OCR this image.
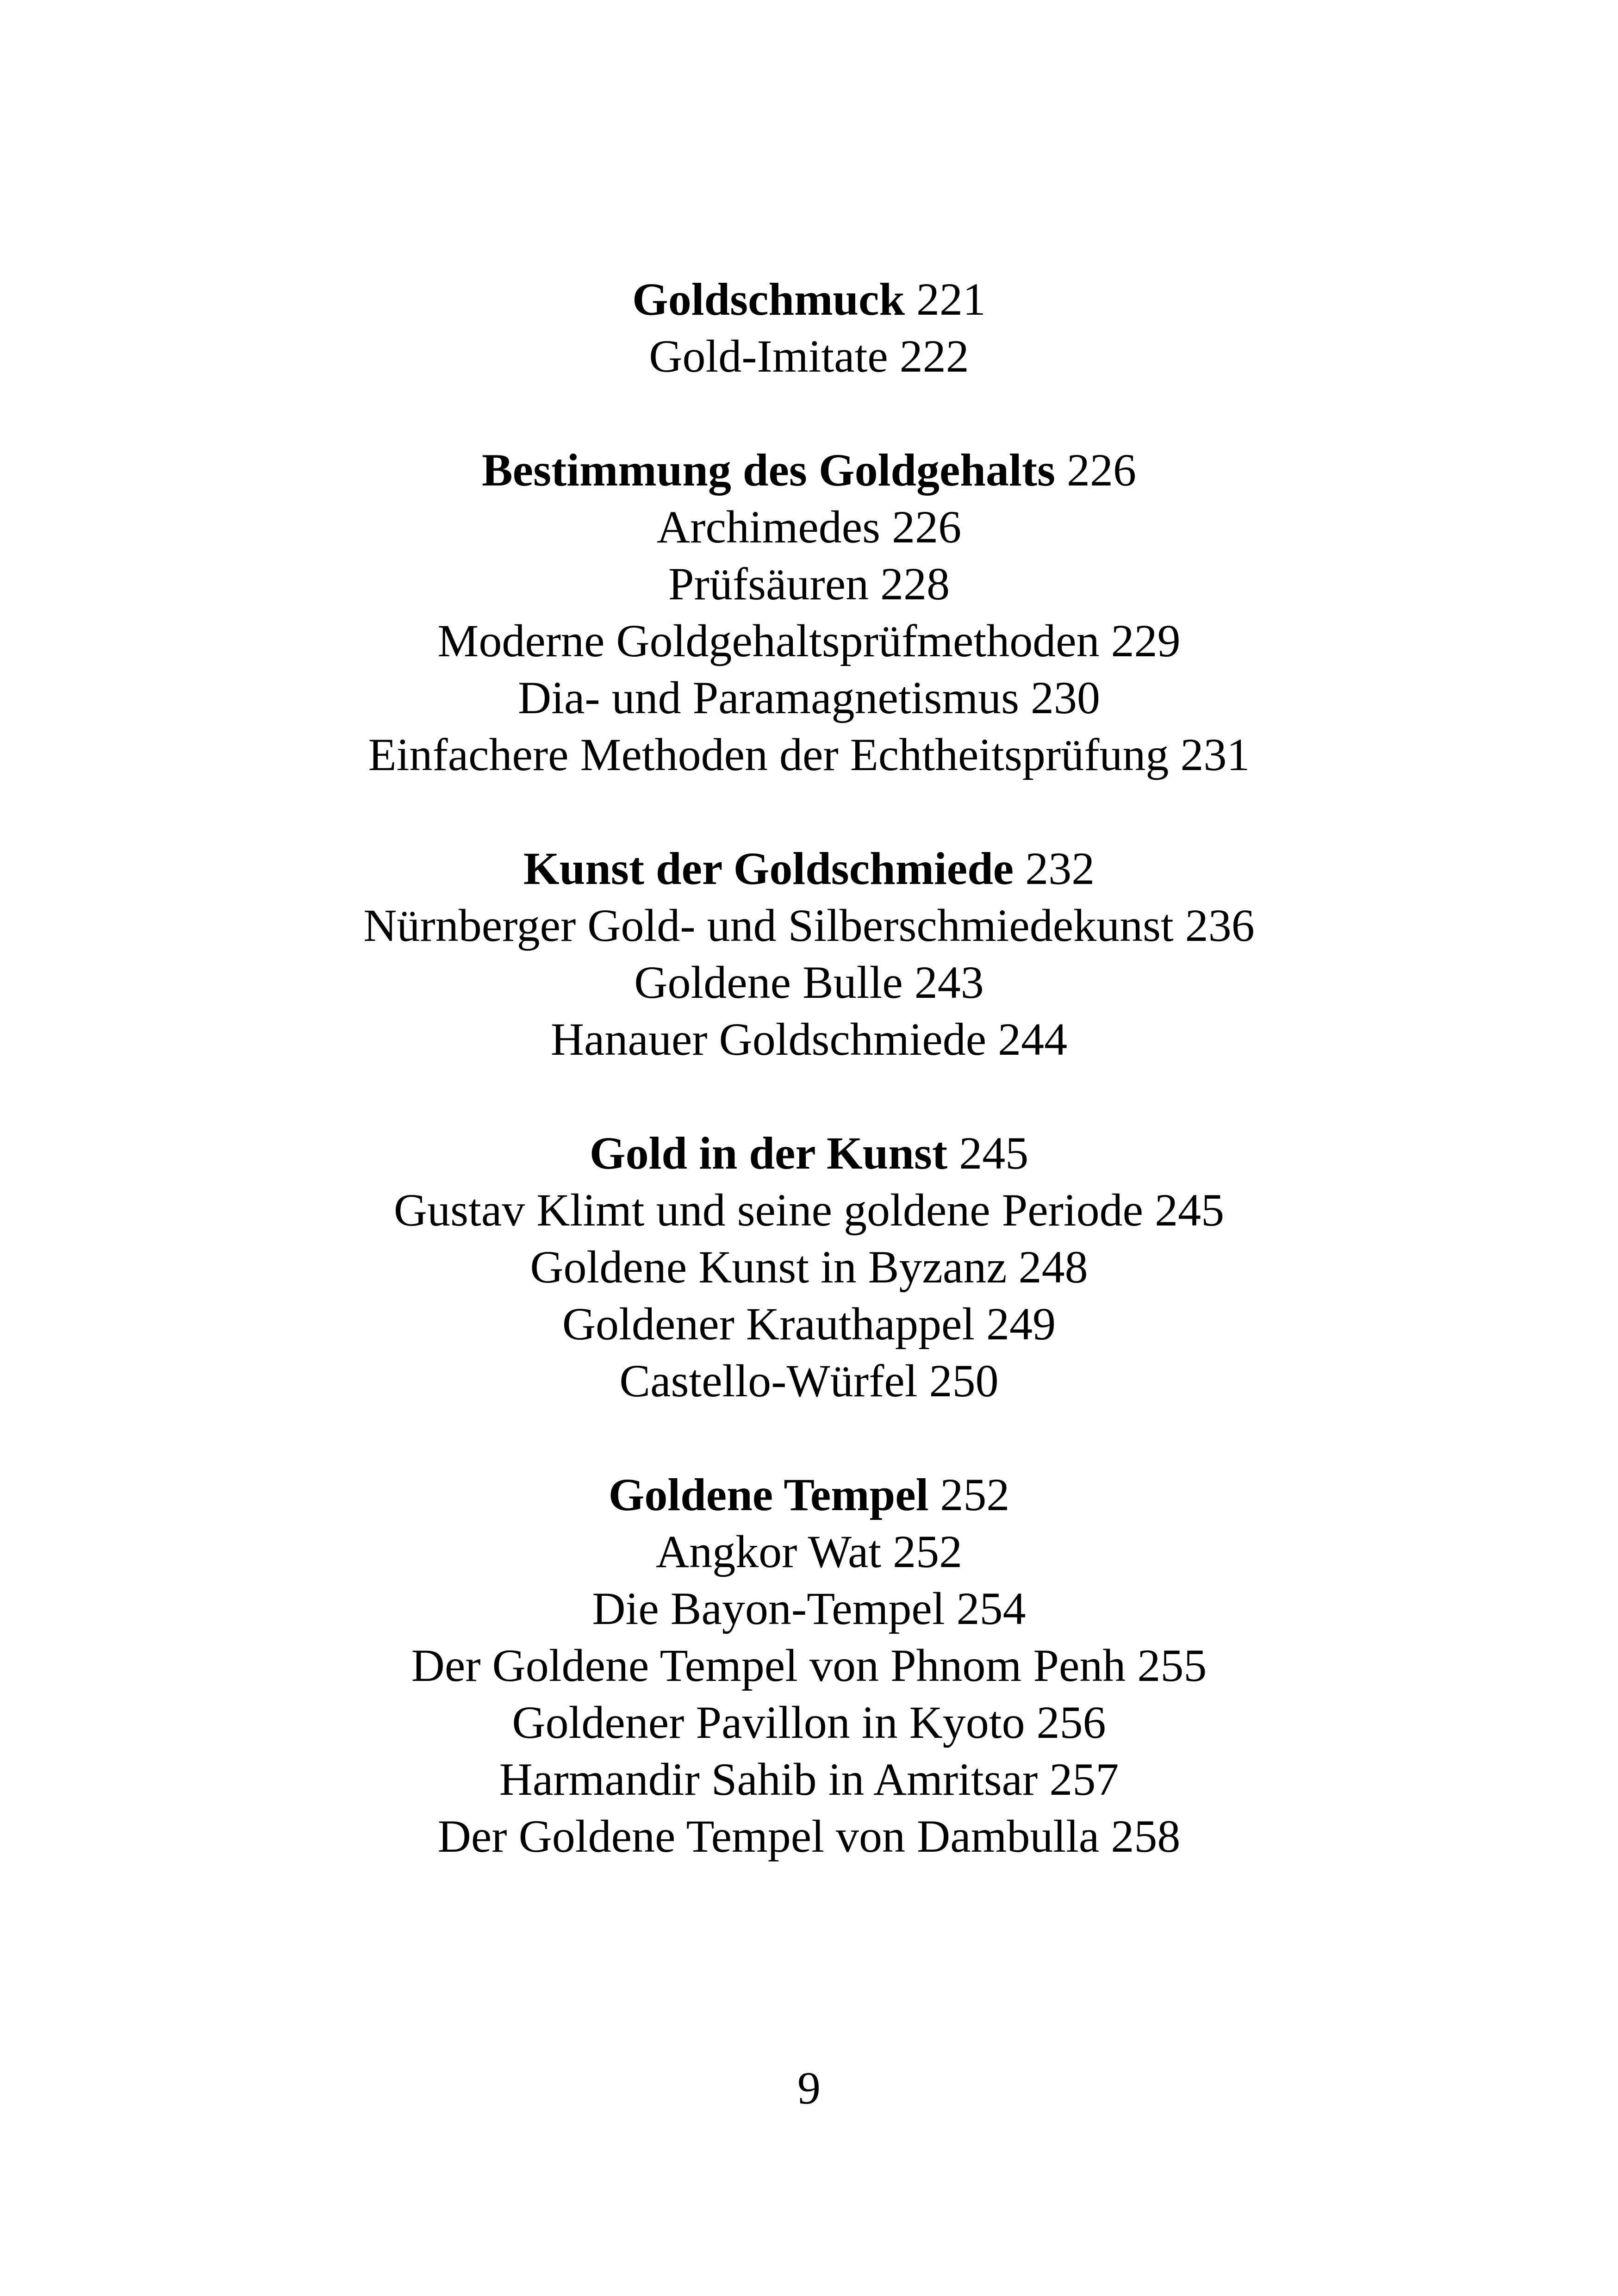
Goldschmuck 221
Gold-Imitate 222
Bestimmung des Goldgehalts 226
Archimedes 226
Prüfsäuren 228
Moderne Goldgehaltsprüfmethoden 229
Dia- und Paramagnetismus 230
Einfachere Methoden der Echtheitsprüfung 231
Kunst der Goldschmiede 232
Nürnberger Gold- und Silberschmiedekunst 236
Goldene Bulle 243
Hanauer Goldschmiede 244
Gold in der Kunst 245
Gustav Klimt und seine goldene Periode 245
Goldene Kunst in Byzanz 248
Goldener Krauthappel 249
Castello-Würfel 250
Goldene Tempel 252
Angkor Wat 252
Die Bayon-Tempel 254
Der Goldene Tempel von Phnom Penh 255
Goldener Pavillon in Kyoto 256
Harmandir Sahib in Amritsar 257
Der Goldene Tempel von Dambulla 258
9
